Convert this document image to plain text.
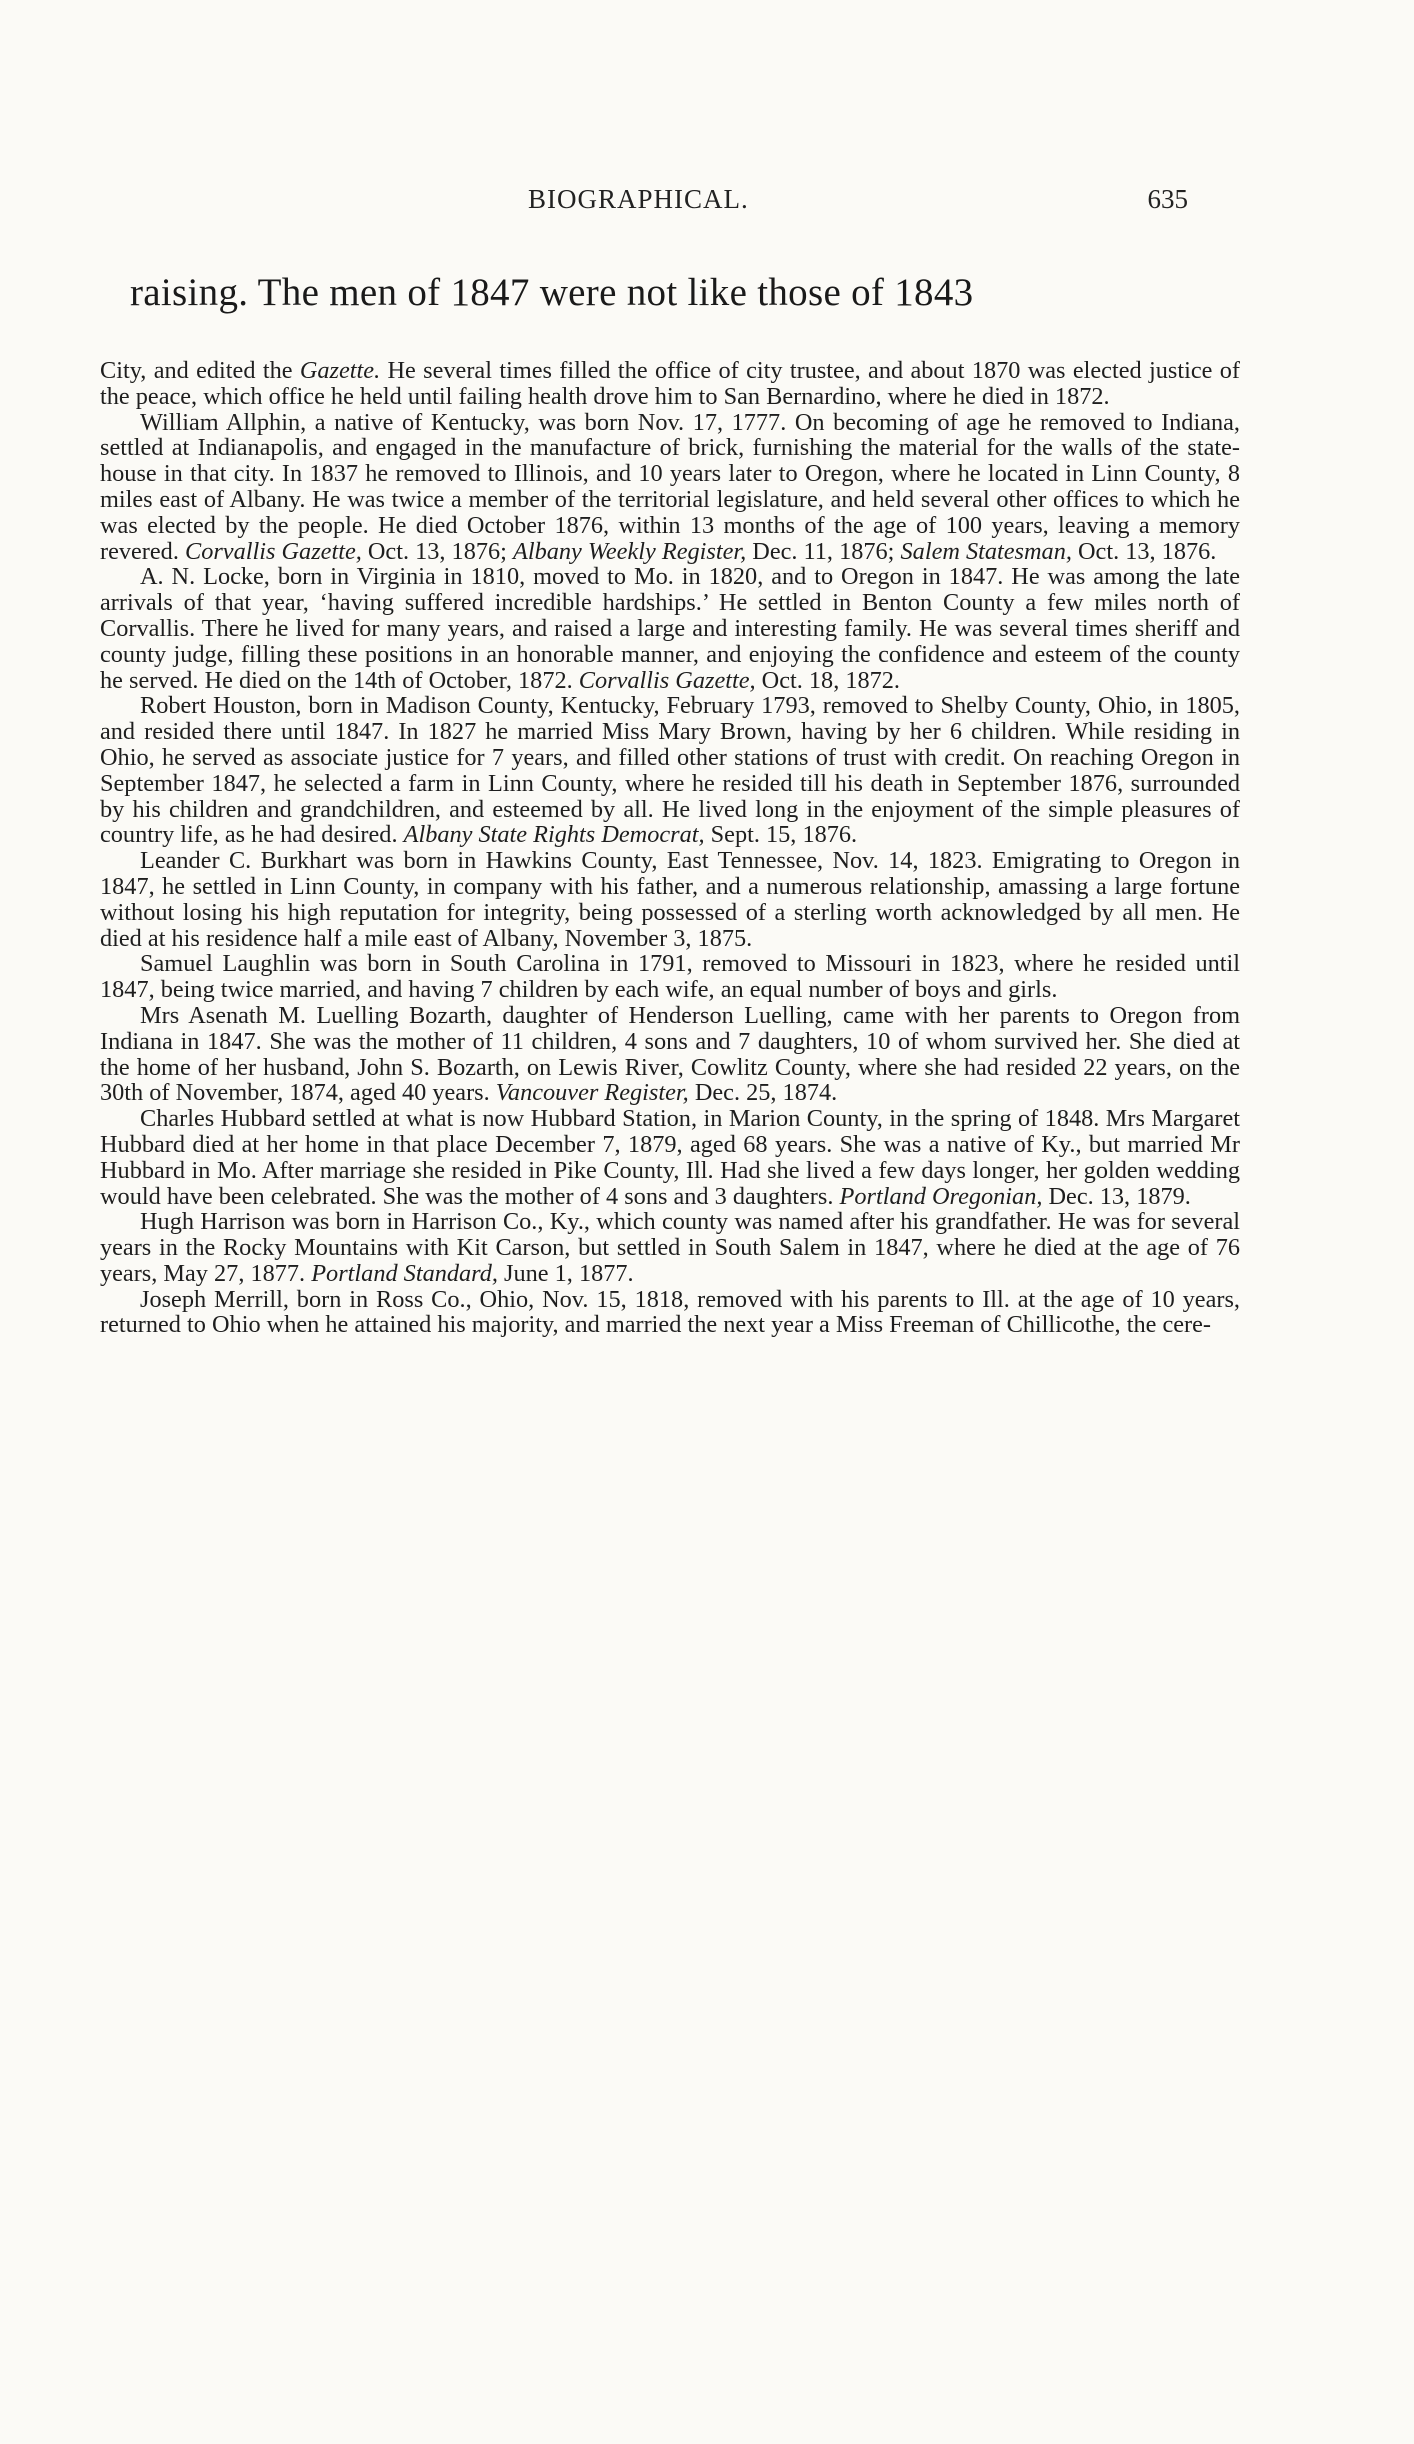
BIOGRAPHICAL.	635
raising. The men of 1847 were not like those of 1843

City, and edited the Gazette. He several times filled the office of city trustee, and about 1870 was elected justice of the peace, which office he held until failing health drove him to San Bernardino, where he died in 1872.

William Allphin, a native of Kentucky, was born Nov. 17, 1777. On becoming of age he removed to Indiana, settled at Indianapolis, and engaged in the manufacture of brick, furnishing the material for the walls of the state-house in that city. In 1837 he removed to Illinois, and 10 years later to Oregon, where he located in Linn County, 8 miles east of Albany. He was twice a member of the territorial legislature, and held several other offices to which he was elected by the people. He died October 1876, within 13 months of the age of 100 years, leaving a memory revered. Corvallis Gazette, Oct. 13, 1876; Albany Weekly Register, Dec. 11, 1876; Salem Statesman, Oct. 13, 1876.

A. N. Locke, born in Virginia in 1810, moved to Mo. in 1820, and to Oregon in 1847. He was among the late arrivals of that year, ‘having suffered incredible hardships.’ He settled in Benton County a few miles north of Corvallis. There he lived for many years, and raised a large and interesting family. He was several times sheriff and county judge, filling these positions in an honorable manner, and enjoying the confidence and esteem of the county he served. He died on the 14th of October, 1872. Corvallis Gazette, Oct. 18, 1872.

Robert Houston, born in Madison County, Kentucky, February 1793, removed to Shelby County, Ohio, in 1805, and resided there until 1847. In 1827 he married Miss Mary Brown, having by her 6 children. While residing in Ohio, he served as associate justice for 7 years, and filled other stations of trust with credit. On reaching Oregon in September 1847, he selected a farm in Linn County, where he resided till his death in September 1876, surrounded by his children and grandchildren, and esteemed by all. He lived long in the enjoyment of the simple pleasures of country life, as he had desired. Albany State Rights Democrat, Sept. 15, 1876.

Leander C. Burkhart was born in Hawkins County, East Tennessee, Nov. 14, 1823. Emigrating to Oregon in 1847, he settled in Linn County, in company with his father, and a numerous relationship, amassing a large fortune without losing his high reputation for integrity, being possessed of a sterling worth acknowledged by all men. He died at his residence half a mile east of Albany, November 3, 1875.

Samuel Laughlin was born in South Carolina in 1791, removed to Missouri in 1823, where he resided until 1847, being twice married, and having 7 children by each wife, an equal number of boys and girls.

Mrs Asenath M. Luelling Bozarth, daughter of Henderson Luelling, came with her parents to Oregon from Indiana in 1847. She was the mother of 11 children, 4 sons and 7 daughters, 10 of whom survived her. She died at the home of her husband, John S. Bozarth, on Lewis River, Cowlitz County, where she had resided 22 years, on the 30th of November, 1874, aged 40 years. Vancouver Register, Dec. 25, 1874.

Charles Hubbard settled at what is now Hubbard Station, in Marion County, in the spring of 1848. Mrs Margaret Hubbard died at her home in that place December 7, 1879, aged 68 years. She was a native of Ky., but married Mr Hubbard in Mo. After marriage she resided in Pike County, Ill. Had she lived a few days longer, her golden wedding would have been celebrated. She was the mother of 4 sons and 3 daughters. Portland Oregonian, Dec. 13, 1879.

Hugh Harrison was born in Harrison Co., Ky., which county was named after his grandfather. He was for several years in the Rocky Mountains with Kit Carson, but settled in South Salem in 1847, where he died at the age of 76 years, May 27, 1877. Portland Standard, June 1, 1877.

Joseph Merrill, born in Ross Co., Ohio, Nov. 15, 1818, removed with his parents to Ill. at the age of 10 years, returned to Ohio when he attained his majority, and married the next year a Miss Freeman of Chillicothe, the cere-
